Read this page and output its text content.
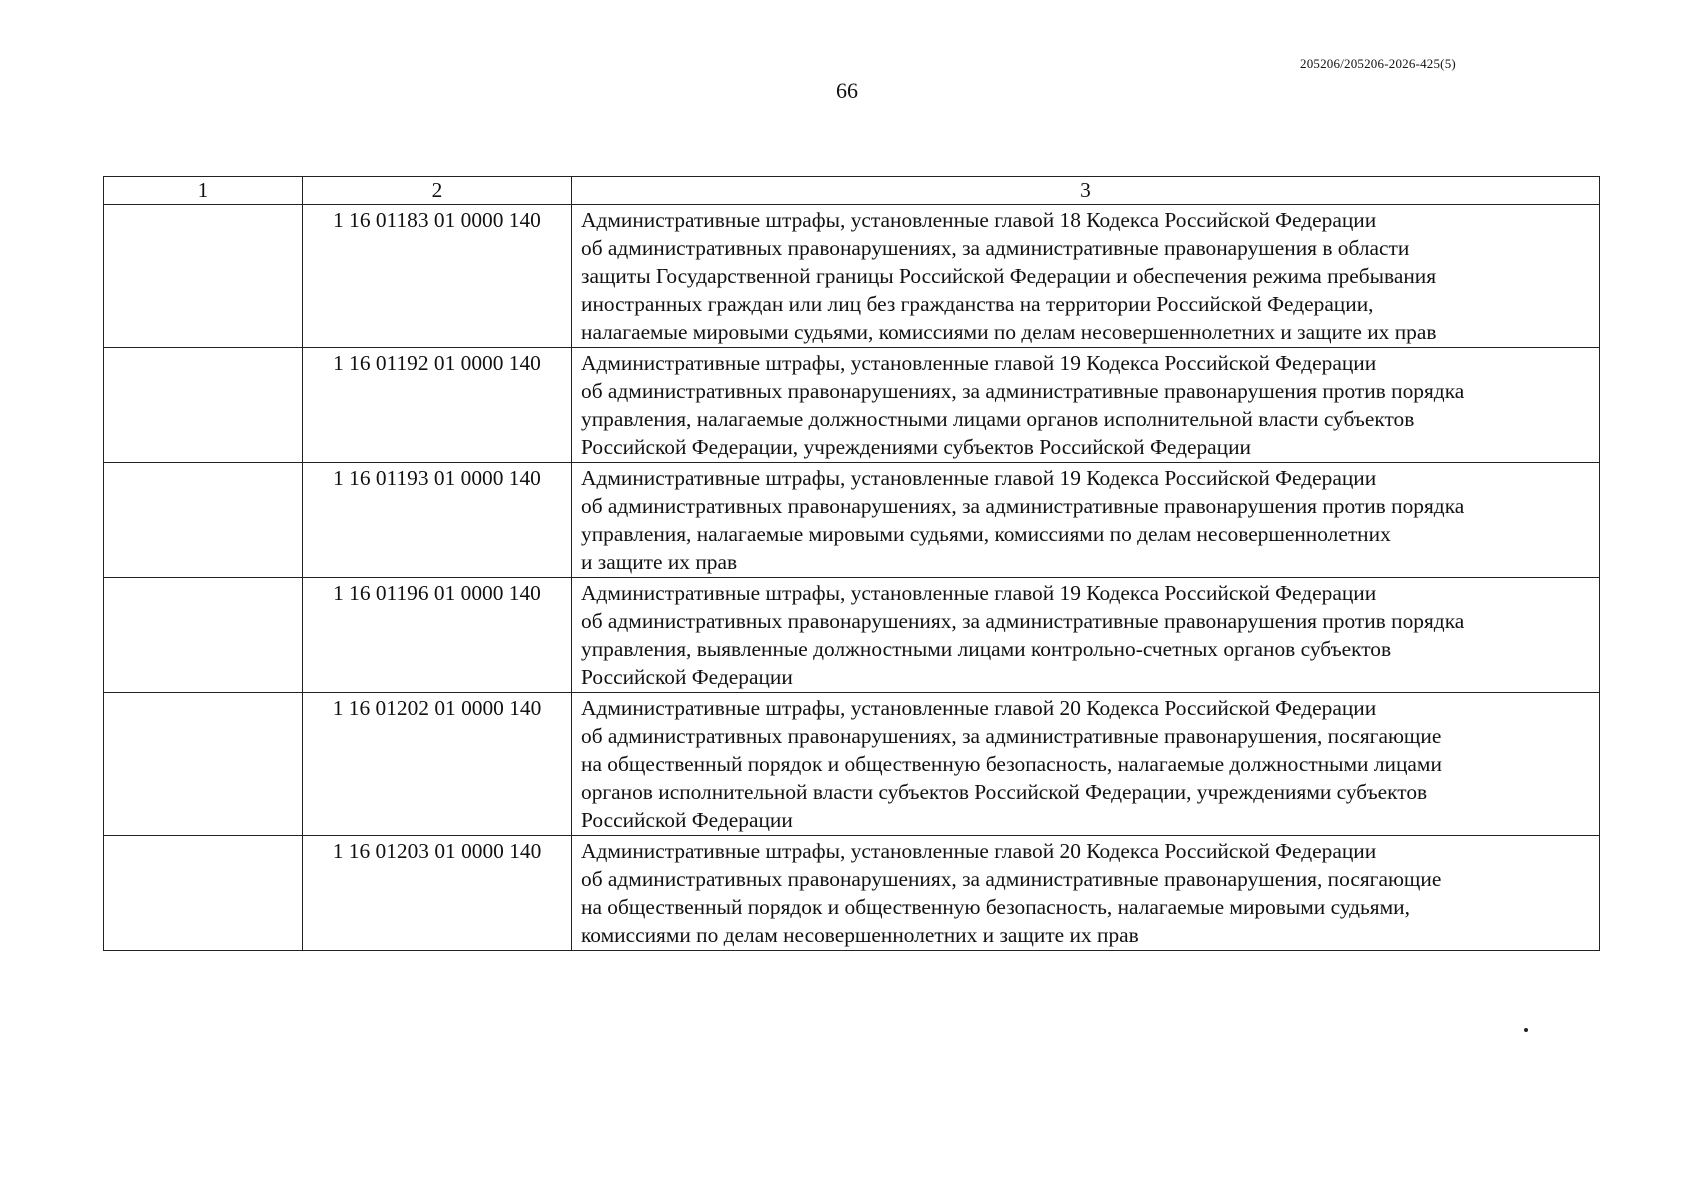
205206/205206-2026-425(5)
66
1	2	3
	1 16 01183 01 0000 140	Административные штрафы, установленные главой 18 Кодекса Российской Федерации
об административных правонарушениях, за административные правонарушения в области
защиты Государственной границы Российской Федерации и обеспечения режима пребывания
иностранных граждан или лиц без гражданства на территории Российской Федерации,
налагаемые мировыми судьями, комиссиями по делам несовершеннолетних и защите их прав

	1 16 01192 01 0000 140	Административные штрафы, установленные главой 19 Кодекса Российской Федерации
об административных правонарушениях, за административные правонарушения против порядка
управления, налагаемые должностными лицами органов исполнительной власти субъектов
Российской Федерации, учреждениями субъектов Российской Федерации

	1 16 01193 01 0000 140	Административные штрафы, установленные главой 19 Кодекса Российской Федерации
об административных правонарушениях, за административные правонарушения против порядка
управления, налагаемые мировыми судьями, комиссиями по делам несовершеннолетних
и защите их прав

	1 16 01196 01 0000 140	Административные штрафы, установленные главой 19 Кодекса Российской Федерации
об административных правонарушениях, за административные правонарушения против порядка
управления, выявленные должностными лицами контрольно-счетных органов субъектов
Российской Федерации

	1 16 01202 01 0000 140	Административные штрафы, установленные главой 20 Кодекса Российской Федерации
об административных правонарушениях, за административные правонарушения, посягающие
на общественный порядок и общественную безопасность, налагаемые должностными лицами
органов исполнительной власти субъектов Российской Федерации, учреждениями субъектов
Российской Федерации

	1 16 01203 01 0000 140	Административные штрафы, установленные главой 20 Кодекса Российской Федерации
об административных правонарушениях, за административные правонарушения, посягающие
на общественный порядок и общественную безопасность, налагаемые мировыми судьями,
комиссиями по делам несовершеннолетних и защите их прав
